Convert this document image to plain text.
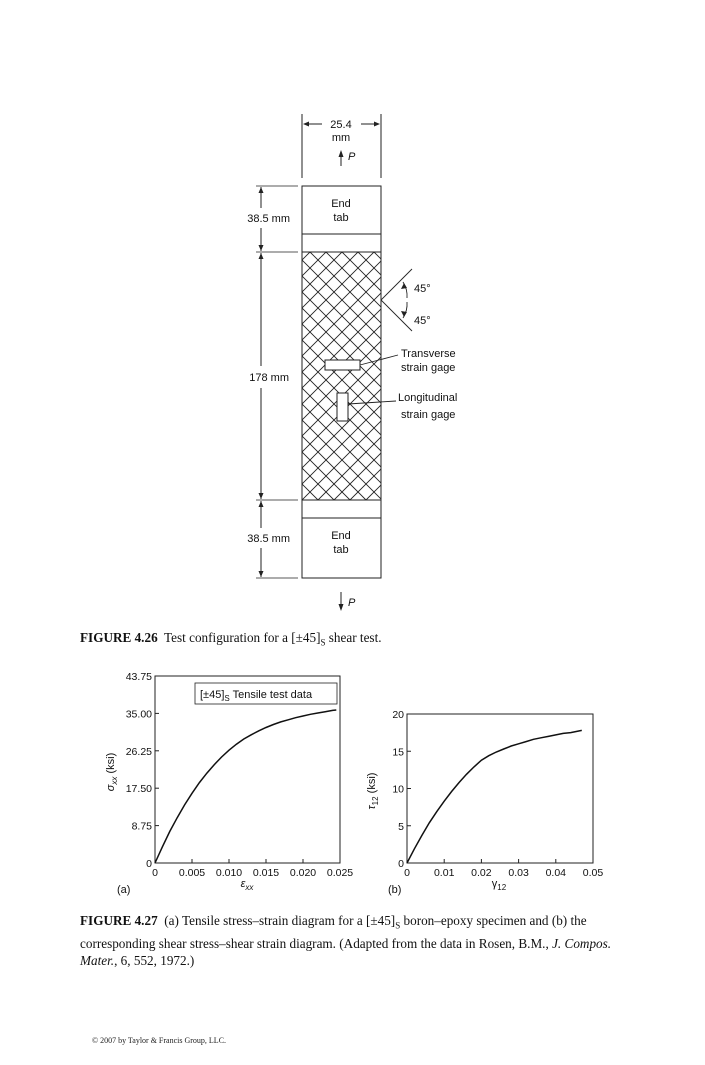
25.4
mm
P
End
tab
End
tab
38.5 mm
178 mm
38.5 mm
45°
45°
Transverse
strain gage
Longitudinal
strain gage
P
FIGURE 4.26 Test configuration for a $[\pm 45]_S$ shear test.
$[\pm 45]_S$ Tensile test data
0 0.005 0.010 0.015 0.020 0.025
0
8.75
17.50
26.25
35.00
43.75
$\sigma_{xx}$ (ksi)
$\varepsilon_{xx}$
(a)
0 0.01 0.02 0.03 0.04 0.05
0
5
10
15
20
$\tau_{12}$ (ksi)
$\gamma_{12}$
(b)
FIGURE 4.27 (a) Tensile stress–strain diagram for a $[\pm 45]_S$ boron–epoxy specimen and (b) the corresponding shear stress–shear strain diagram. (Adapted from the data in Rosen, B.M., J. Compos. Mater., 6, 552, 1972.)
© 2007 by Taylor & Francis Group, LLC.
